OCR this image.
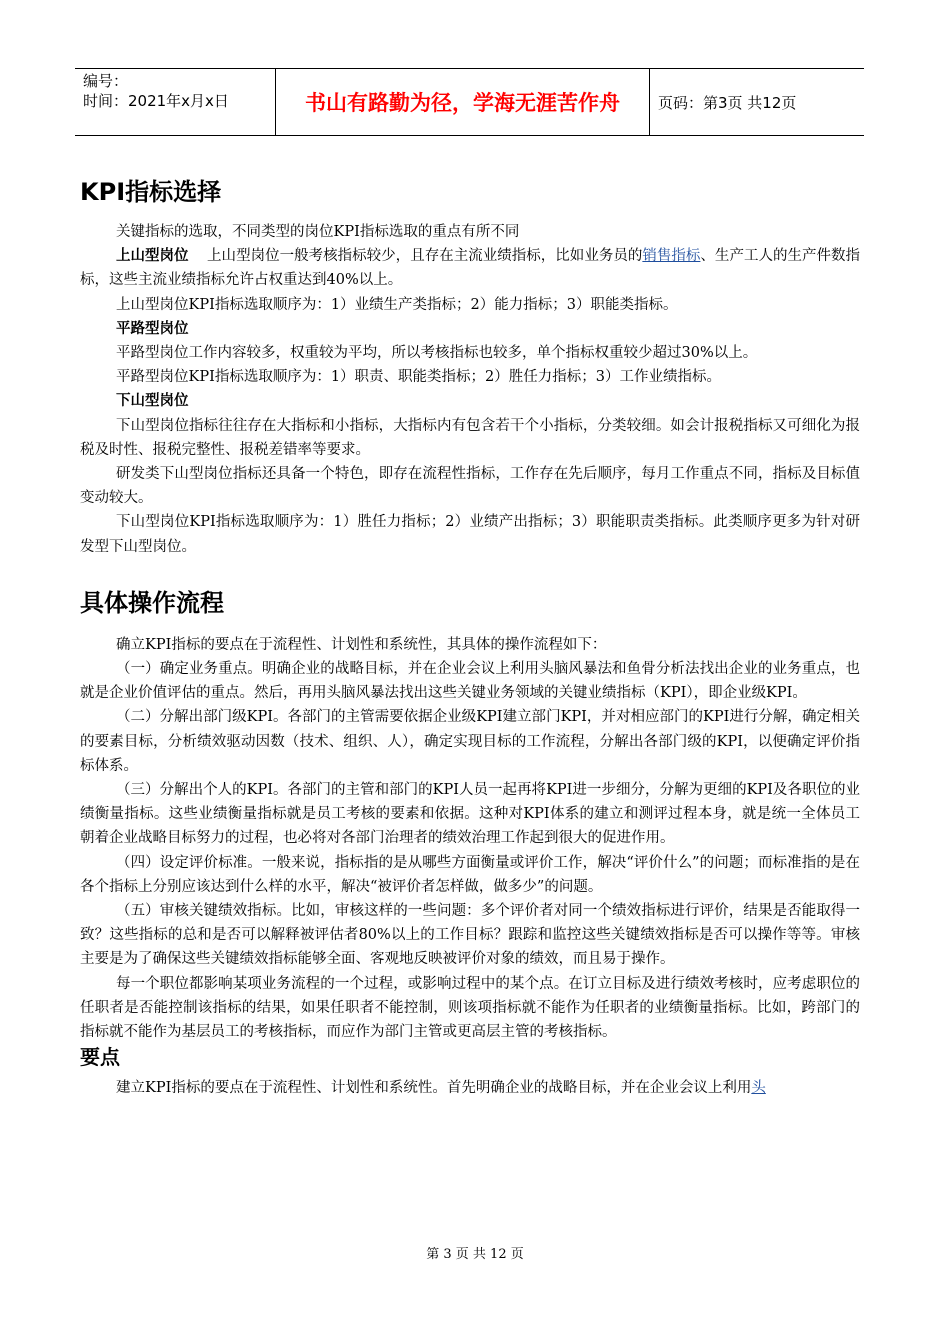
编号：
时间：2021年x月x日	书山有路勤为径，学海无涯苦作舟	页码：第3页 共12页
KPI指标选择

关键指标的选取，不同类型的岗位KPI指标选取的重点有所不同

上山型岗位 上山型岗位一般考核指标较少，且存在主流业绩指标，比如业务员的销售指标、生产工人的生产件数指标，这些主流业绩指标允许占权重达到40%以上。

上山型岗位KPI指标选取顺序为：1）业绩生产类指标；2）能力指标；3）职能类指标。

平路型岗位

平路型岗位工作内容较多，权重较为平均，所以考核指标也较多，单个指标权重较少超过30%以上。

平路型岗位KPI指标选取顺序为：1）职责、职能类指标；2）胜任力指标；3）工作业绩指标。

下山型岗位

下山型岗位指标往往存在大指标和小指标，大指标内有包含若干个小指标，分类较细。如会计报税指标又可细化为报税及时性、报税完整性、报税差错率等要求。

研发类下山型岗位指标还具备一个特色，即存在流程性指标，工作存在先后顺序，每月工作重点不同，指标及目标值变动较大。

下山型岗位KPI指标选取顺序为：1）胜任力指标；2）业绩产出指标；3）职能职责类指标。此类顺序更多为针对研发型下山型岗位。

具体操作流程

确立KPI指标的要点在于流程性、计划性和系统性，其具体的操作流程如下：

（一）确定业务重点。明确企业的战略目标，并在企业会议上利用头脑风暴法和鱼骨分析法找出企业的业务重点，也就是企业价值评估的重点。然后，再用头脑风暴法找出这些关键业务领域的关键业绩指标（KPI），即企业级KPI。

（二）分解出部门级KPI。各部门的主管需要依据企业级KPI建立部门KPI，并对相应部门的KPI进行分解，确定相关的要素目标，分析绩效驱动因数（技术、组织、人），确定实现目标的工作流程，分解出各部门级的KPI，以便确定评价指标体系。

（三）分解出个人的KPI。各部门的主管和部门的KPI人员一起再将KPI进一步细分，分解为更细的KPI及各职位的业绩衡量指标。这些业绩衡量指标就是员工考核的要素和依据。这种对KPI体系的建立和测评过程本身，就是统一全体员工朝着企业战略目标努力的过程，也必将对各部门治理者的绩效治理工作起到很大的促进作用。

（四）设定评价标准。一般来说，指标指的是从哪些方面衡量或评价工作，解决“评价什么”的问题；而标准指的是在各个指标上分别应该达到什么样的水平，解决“被评价者怎样做，做多少”的问题。

（五）审核关键绩效指标。比如，审核这样的一些问题：多个评价者对同一个绩效指标进行评价，结果是否能取得一致？这些指标的总和是否可以解释被评估者80%以上的工作目标？跟踪和监控这些关键绩效指标是否可以操作等等。审核主要是为了确保这些关键绩效指标能够全面、客观地反映被评价对象的绩效，而且易于操作。

每一个职位都影响某项业务流程的一个过程，或影响过程中的某个点。在订立目标及进行绩效考核时，应考虑职位的任职者是否能控制该指标的结果，如果任职者不能控制，则该项指标就不能作为任职者的业绩衡量指标。比如，跨部门的指标就不能作为基层员工的考核指标，而应作为部门主管或更高层主管的考核指标。

要点

建立KPI指标的要点在于流程性、计划性和系统性。首先明确企业的战略目标，并在企业会议上利用头

第 3 页 共 12 页
